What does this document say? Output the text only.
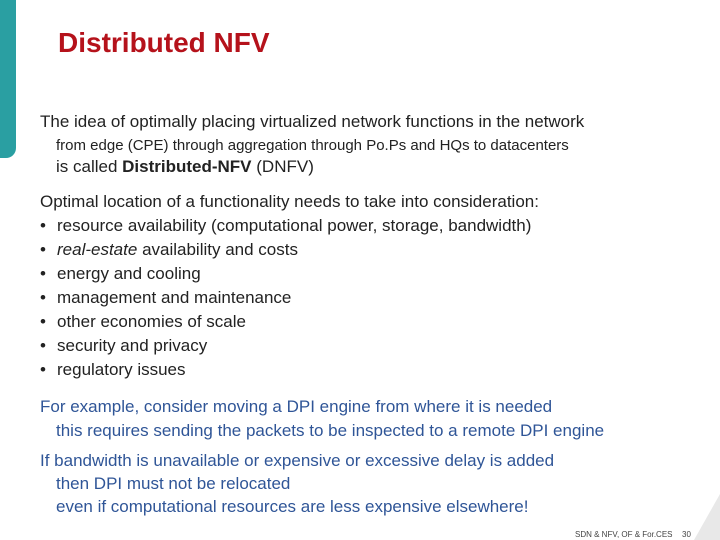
Distributed NFV
The idea of optimally placing virtualized network functions in the network
from edge (CPE) through aggregation through Po.Ps and HQs to datacenters
is called Distributed-NFV (DNFV)
Optimal location of a functionality needs to take into consideration:
• resource availability (computational power, storage, bandwidth)
• real-estate availability and costs
• energy and cooling
• management and maintenance
• other economies of scale
• security and privacy
• regulatory issues
For example, consider moving a DPI engine from where it is needed
this requires sending the packets to be inspected to a remote DPI engine
If bandwidth is unavailable or expensive or excessive delay is added
then DPI must not be relocated
even if computational resources are less expensive elsewhere!
SDN & NFV, OF & For.CES 30
